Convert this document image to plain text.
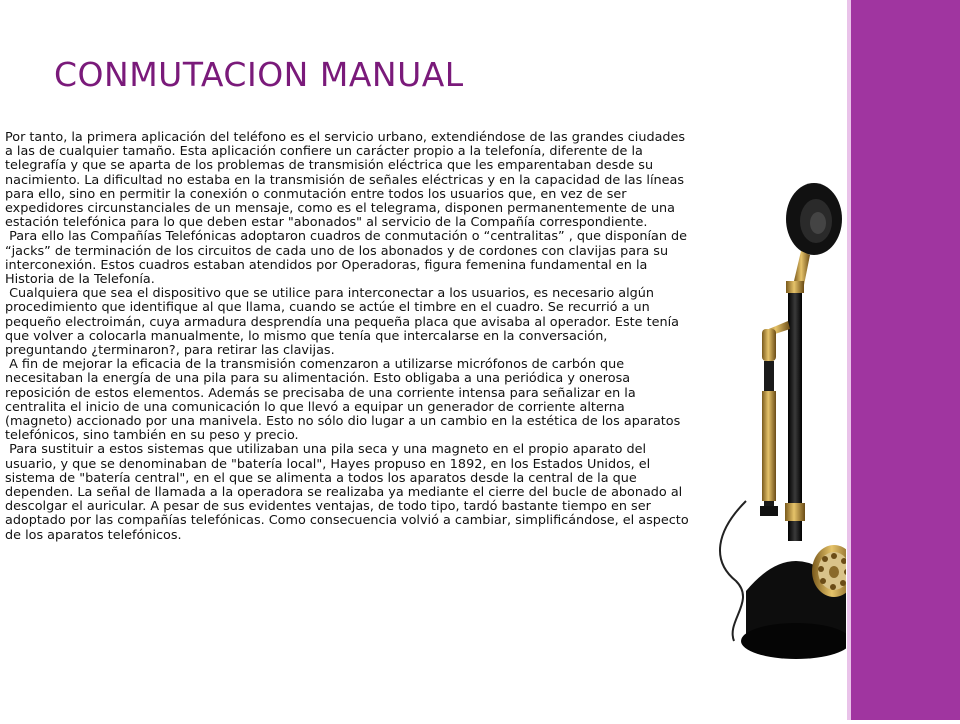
CONMUTACION MANUAL

Por tanto, la primera aplicación del teléfono es el servicio urbano, extendiéndose de las grandes ciudades a las de cualquier tamaño. Esta aplicación confiere un carácter propio a la telefonía, diferente de la telegrafía y que se aparta de los problemas de transmisión eléctrica que les emparentaban desde su nacimiento. La dificultad no estaba en la transmisión de señales eléctricas y en la capacidad de las líneas para ello, sino en permitir la conexión o conmutación entre todos los usuarios que, en vez de ser expedidores circunstanciales de un mensaje, como es el telegrama, disponen permanentemente de una estación telefónica para lo que deben estar "abonados" al servicio de la Compañía correspondiente.

Para ello las Compañías Telefónicas adoptaron cuadros de conmutación o “centralitas” , que disponían de “jacks” de terminación de los circuitos de cada uno de los abonados y de cordones con clavijas para su interconexión. Estos cuadros estaban atendidos por Operadoras, figura femenina fundamental en la Historia de la Telefonía.

Cualquiera que sea el dispositivo que se utilice para interconectar a los usuarios, es necesario algún procedimiento que identifique al que llama, cuando se actúe el timbre en el cuadro. Se recurrió a un pequeño electroimán, cuya armadura desprendía una pequeña placa que avisaba al operador. Este tenía que volver a colocarla manualmente, lo mismo que tenía que intercalarse en la conversación, preguntando ¿terminaron?, para retirar las clavijas.

A fin de mejorar la eficacia de la transmisión comenzaron a utilizarse micrófonos de carbón que necesitaban la energía de una pila para su alimentación. Esto obligaba a una periódica y onerosa reposición de estos elementos. Además se precisaba de una corriente intensa para señalizar en la centralita el inicio de una comunicación lo que llevó a equipar un generador de corriente alterna (magneto) accionado por una manivela. Esto no sólo dio lugar a un cambio en la estética de los aparatos telefónicos, sino también en su peso y precio.

Para sustituir a estos sistemas que utilizaban una pila seca y una magneto en el propio aparato del usuario, y que se denominaban de "batería local", Hayes propuso en 1892, en los Estados Unidos, el sistema de "batería central", en el que se alimenta a todos los aparatos desde la central de la que dependen. La señal de llamada a la operadora se realizaba ya mediante el cierre del bucle de abonado al descolgar el auricular. A pesar de sus evidentes ventajas, de todo tipo, tardó bastante tiempo en ser adoptado por las compañías telefónicas. Como consecuencia volvió a cambiar, simplificándose, el aspecto de los aparatos telefónicos.
